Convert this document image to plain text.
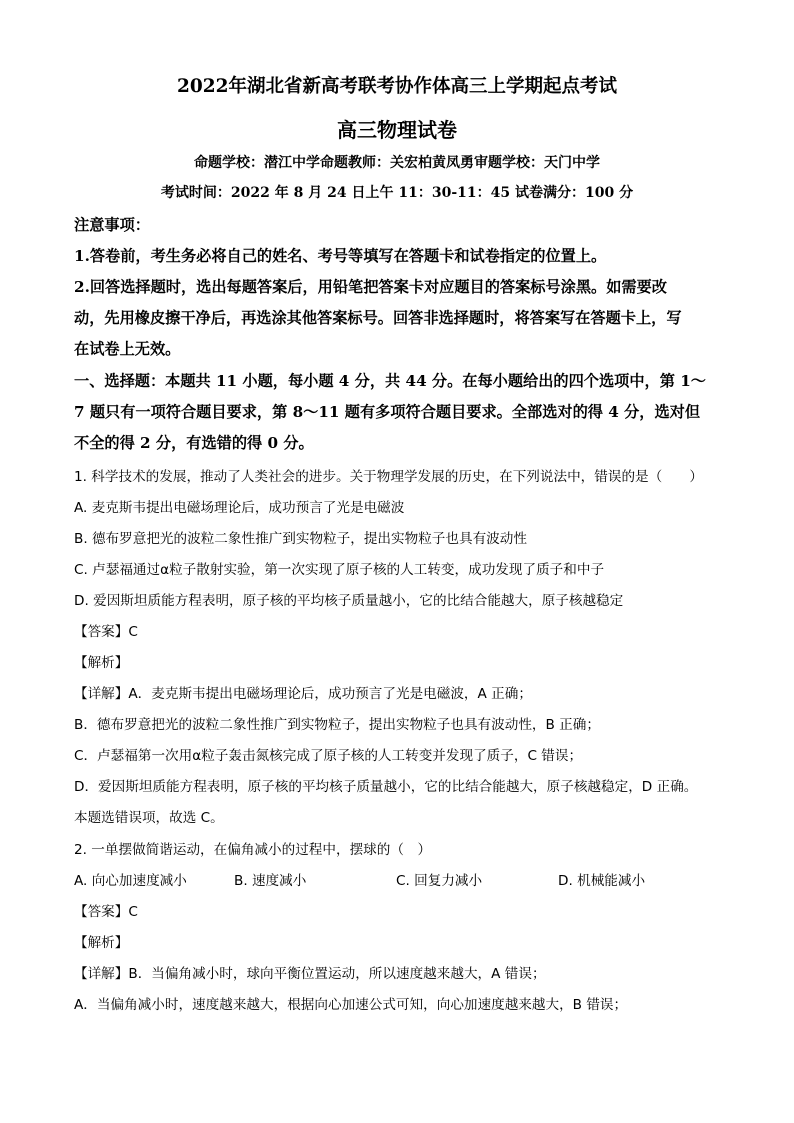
2022年湖北省新高考联考协作体高三上学期起点考试
高三物理试卷
命题学校：潜江中学命题教师：关宏柏黄凤勇审题学校：天门中学
考试时间：2022 年 8 月 24 日上午 11：30-11：45 试卷满分：100 分
注意事项：
1.答卷前，考生务必将自己的姓名、考号等填写在答题卡和试卷指定的位置上。
2.回答选择题时，选出每题答案后，用铅笔把答案卡对应题目的答案标号涂黑。如需要改
动，先用橡皮擦干净后，再选涂其他答案标号。回答非选择题时，将答案写在答题卡上，写
在试卷上无效。
一、选择题：本题共 11 小题，每小题 4 分，共 44 分。在每小题给出的四个选项中，第 1～
7 题只有一项符合题目要求，第 8～11 题有多项符合题目要求。全部选对的得 4 分，选对但
不全的得 2 分，有选错的得 0 分。
1. 科学技术的发展，推动了人类社会的进步。关于物理学发展的历史，在下列说法中，错误的是（　　）
A. 麦克斯韦提出电磁场理论后，成功预言了光是电磁波
B. 德布罗意把光的波粒二象性推广到实物粒子，提出实物粒子也具有波动性
C. 卢瑟福通过α粒子散射实验，第一次实现了原子核的人工转变，成功发现了质子和中子
D. 爱因斯坦质能方程表明，原子核的平均核子质量越小，它的比结合能越大，原子核越稳定
【答案】C
【解析】
【详解】A．麦克斯韦提出电磁场理论后，成功预言了光是电磁波，A 正确；
B．德布罗意把光的波粒二象性推广到实物粒子，提出实物粒子也具有波动性，B 正确；
C．卢瑟福第一次用α粒子轰击氮核完成了原子核的人工转变并发现了质子，C 错误；
D．爱因斯坦质能方程表明，原子核的平均核子质量越小，它的比结合能越大，原子核越稳定，D 正确。
本题选错误项，故选 C。
2. 一单摆做简谐运动，在偏角减小的过程中，摆球的（　）
A. 向心加速度减小	B. 速度减小	C. 回复力减小	D. 机械能减小
【答案】C
【解析】
【详解】B．当偏角减小时，球向平衡位置运动，所以速度越来越大，A 错误；
A．当偏角减小时，速度越来越大，根据向心加速公式可知，向心加速度越来越大，B 错误；
